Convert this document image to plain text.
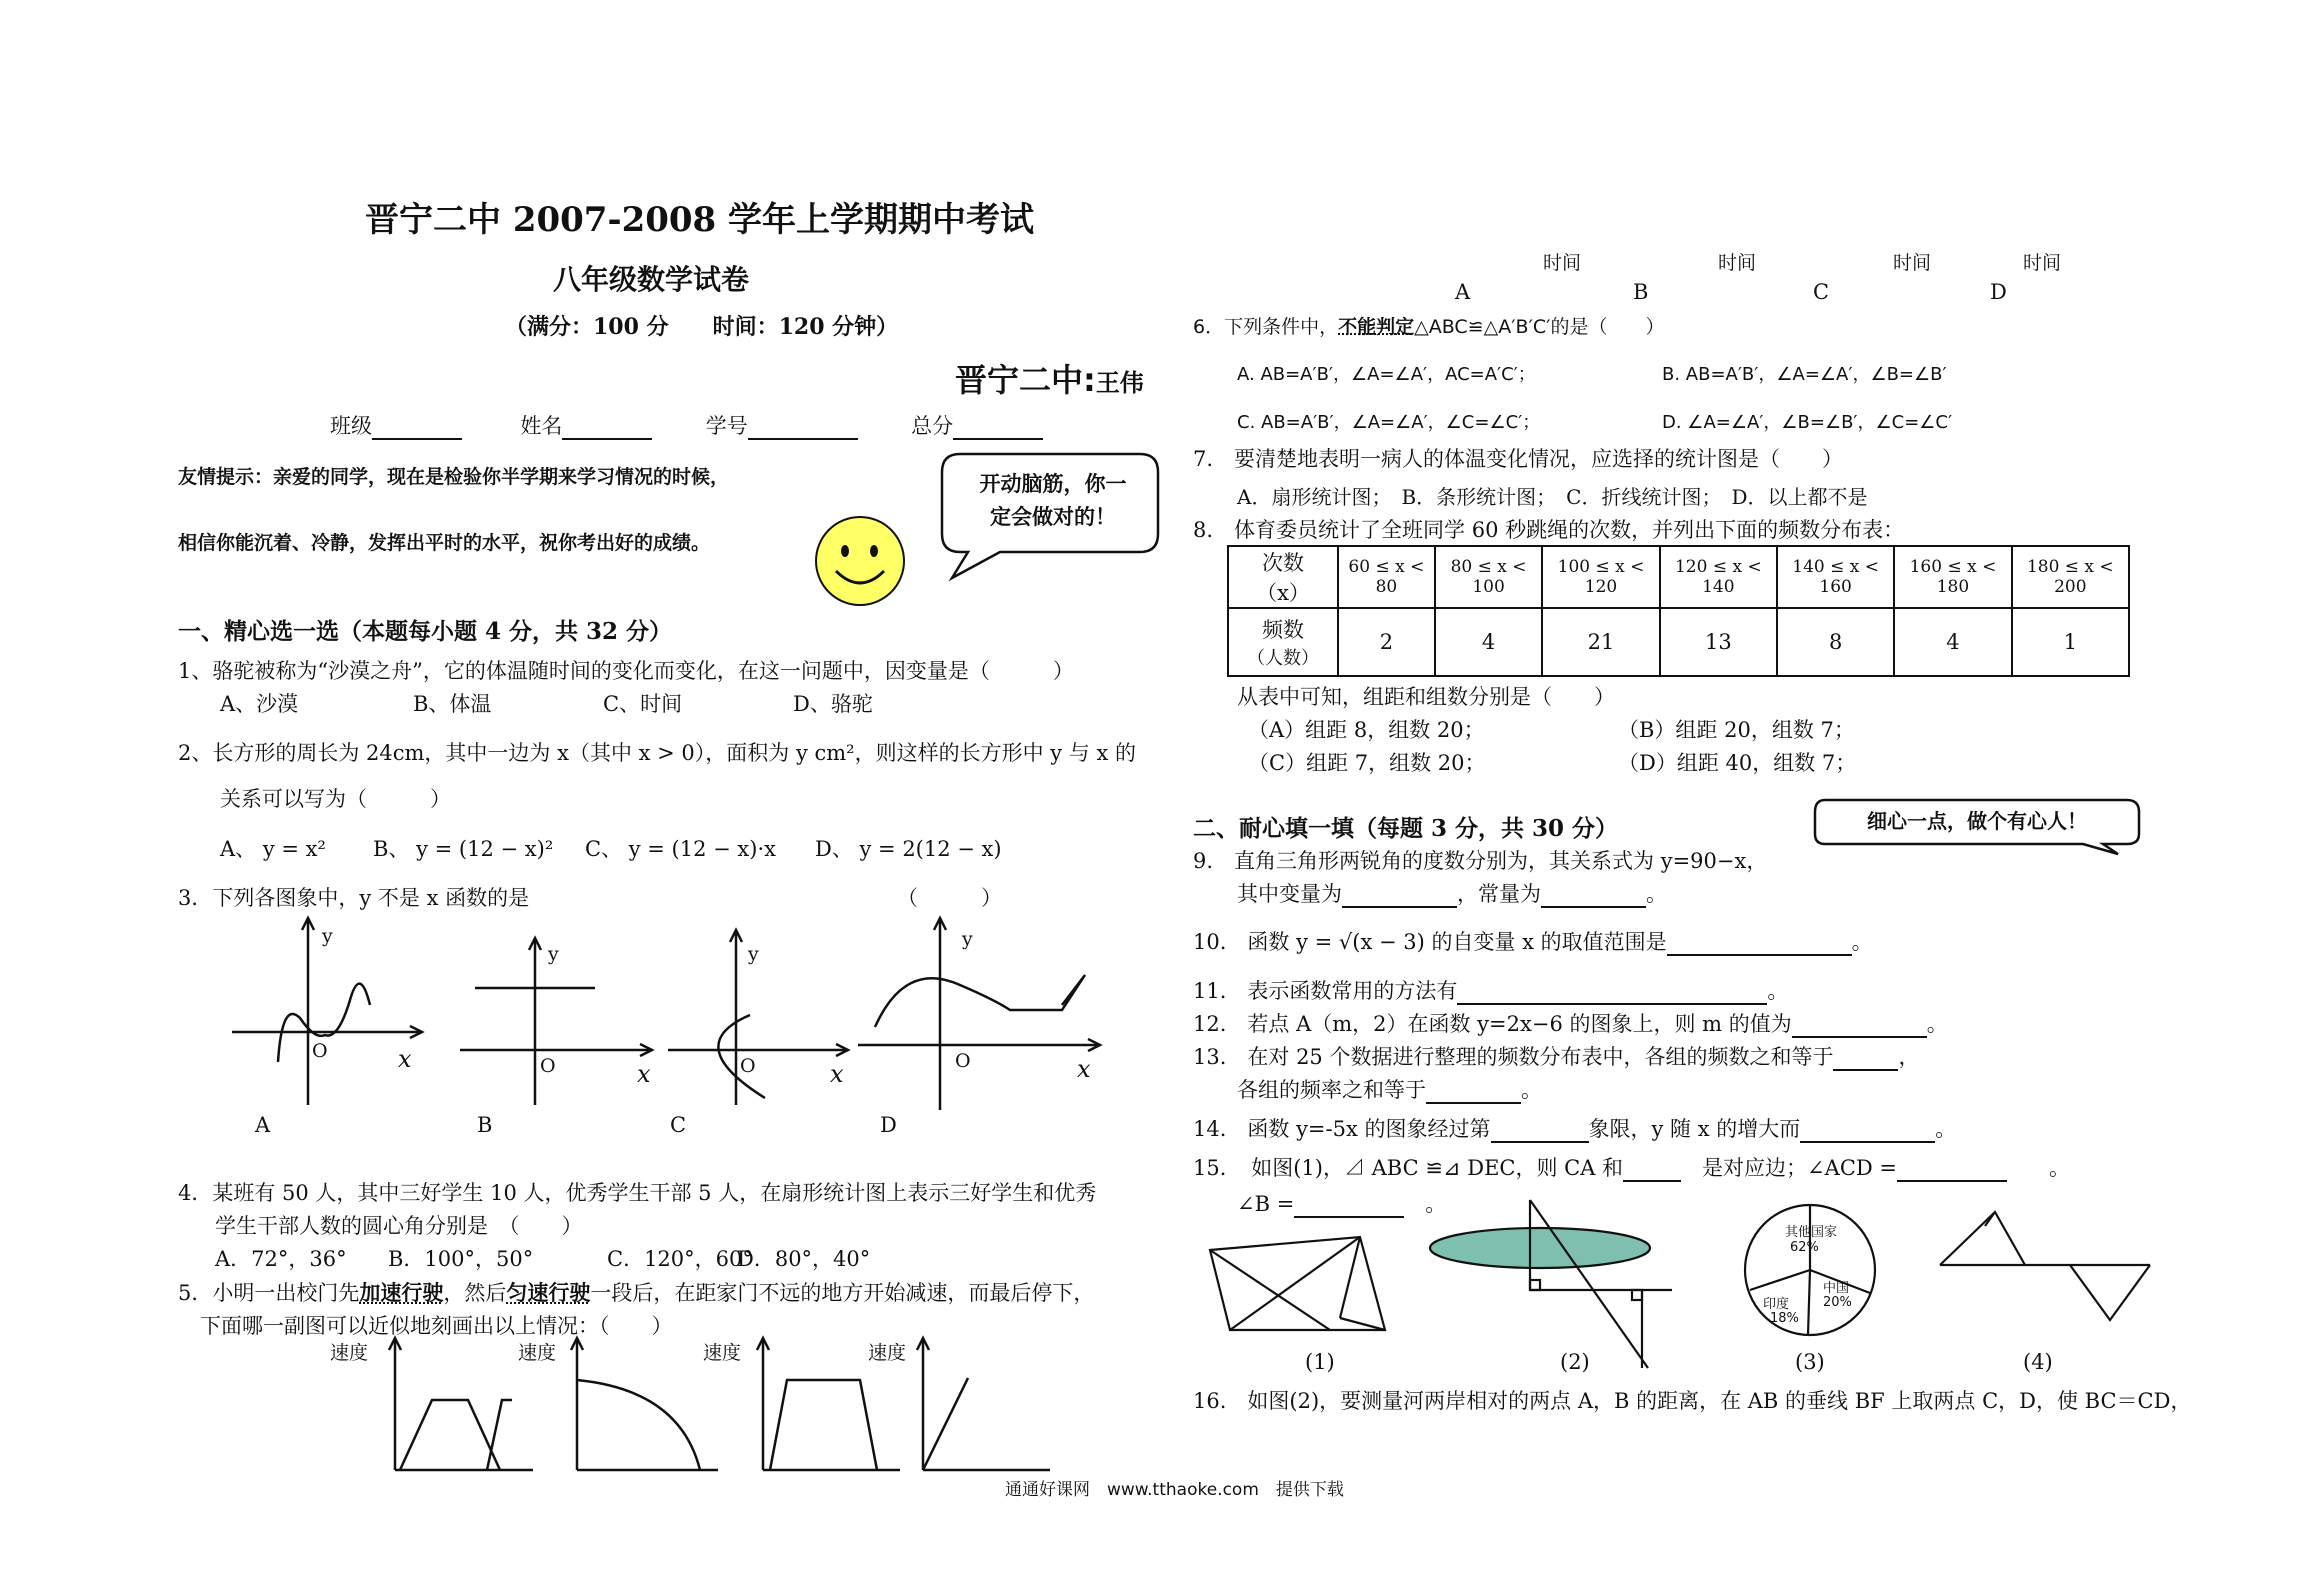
晋宁二中 2007-2008 学年上学期期中考试
八年级数学试卷
（满分：100 分　　时间：120 分钟）
晋宁二中:王伟
班级	姓名	学号	总分
友情提示：亲爱的同学，现在是检验你半学期来学习情况的时候，
相信你能沉着、冷静，发挥出平时的水平，祝你考出好的成绩。
开动脑筋，你一
定会做对的！
一、精心选一选（本题每小题 4 分，共 32 分）
1、骆驼被称为“沙漠之舟”，它的体温随时间的变化而变化，在这一问题中，因变量是（　　　）
A、沙漠	B、体温	C、时间	D、骆驼
2、长方形的周长为 24cm，其中一边为 x（其中 x > 0），面积为 y cm²，则这样的长方形中 y 与 x 的
关系可以写为（　　　）
A、 y = x² B、 y = (12 − x)² C、 y = (12 − x)·x D、 y = 2(12 − x)
3．下列各图象中，y 不是 x 函数的是	（　　　）
y
x
O
y
x
O
y
x
O
y
x
O
A	B	C	D
4．某班有 50 人，其中三好学生 10 人，优秀学生干部 5 人，在扇形统计图上表示三好学生和优秀
学生干部人数的圆心角分别是　（　　）
A．72°，36° B．100°，50°	C．120°，60°
D．80°，40°
5．小明一出校门先加速行驶，然后匀速行驶一段后，在距家门不远的地方开始减速，而最后停下，
下面哪一副图可以近似地刻画出以上情况：（　　）
速度	速度	速度	速度
时间	时间	时间	时间
A	B	C	D
6．下列条件中，不能判定△ABC≌△A′B′C′的是（　　）
A. AB=A′B′，∠A=∠A′，AC=A′C′；	B. AB=A′B′，∠A=∠A′，∠B=∠B′
C. AB=A′B′，∠A=∠A′，∠C=∠C′；	D. ∠A=∠A′，∠B=∠B′，∠C=∠C′
7.　要清楚地表明一病人的体温变化情况，应选择的统计图是（　　）
A．扇形统计图；　B．条形统计图；　C．折线统计图；　D．以上都不是
8.　体育委员统计了全班同学 60 秒跳绳的次数，并列出下面的频数分布表：
次数
（x）	60 ≤ x < 80	80 ≤ x < 100	100 ≤ x < 120	120 ≤ x < 140	140 ≤ x < 160	160 ≤ x < 180	180 ≤ x < 200

频数
（人数）	2	4	21	13	8	4	1
从表中可知，组距和组数分别是（　　）
（A）组距 8，组数 20；	（B）组距 20，组数 7；
（C）组距 7，组数 20；	（D）组距 40，组数 7；
二、耐心填一填（每题 3 分，共 30 分）	细心一点，做个有心人！
9.　直角三角形两锐角的度数分别为，其关系式为 y=90−x，
其中变量为	，常量为	。
10.　函数 y = √(x − 3) 的自变量 x 的取值范围是	。
11.　表示函数常用的方法有	。
12.　若点 A（m，2）在函数 y=2x−6 的图象上，则 m 的值为	。
13.　在对 25 个数据进行整理的频数分布表中，各组的频数之和等于	，
各组的频率之和等于	。
14.　函数 y=-5x 的图象经过第	象限，y 随 x 的增大而	。
15．　如图(1)，⊿ ABC ≌⊿ DEC，则 CA 和　	是对应边；∠ACD =	　　。
∠B =	　。
(1)	(2)	(3)	(4)
其他国家
62%
中国
20%
印度
18%
16.　如图(2)，要测量河两岸相对的两点 A，B 的距离，在 AB 的垂线 BF 上取两点 C，D，使 BC＝CD，
通通好课网　www.tthaoke.com　提供下载
